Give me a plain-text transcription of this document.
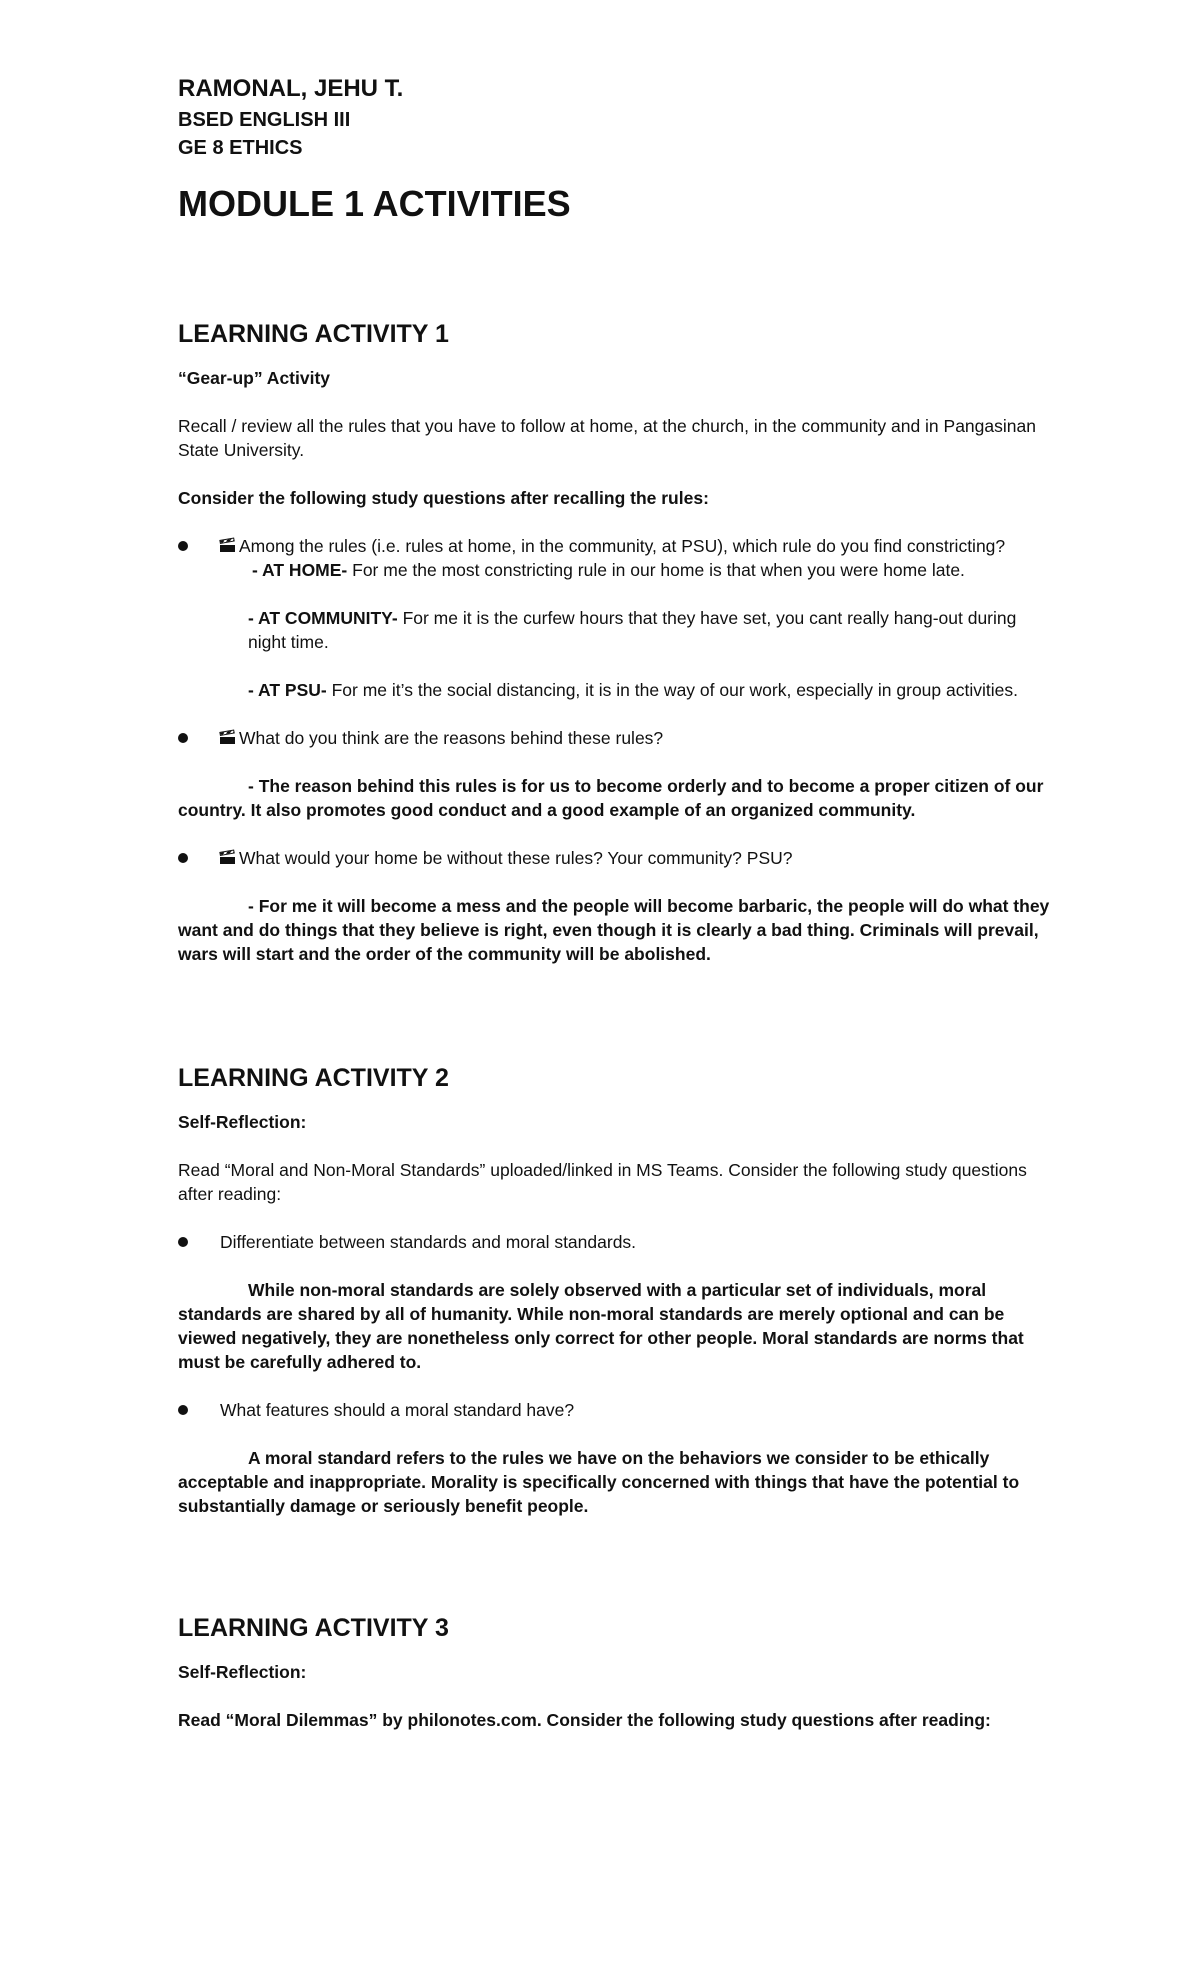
RAMONAL, JEHU T.

BSED ENGLISH III

GE 8 ETHICS

MODULE 1 ACTIVITIES
LEARNING ACTIVITY 1

“Gear-up” Activity

Recall / review all the rules that you have to follow at home, at the church, in the community and in Pangasinan State University.

Consider the following study questions after recalling the rules:

Among the rules (i.e. rules at home, in the community, at PSU), which rule do you find constricting?

- AT HOME- For me the most constricting rule in our home is that when you were home late.

- AT COMMUNITY- For me it is the curfew hours that they have set, you cant really hang-out during night time.

- AT PSU- For me it’s the social distancing, it is in the way of our work, especially in group activities.

What do you think are the reasons behind these rules?

- The reason behind this rules is for us to become orderly and to become a proper citizen of our country. It also promotes good conduct and a good example of an organized community.

What would your home be without these rules? Your community? PSU?

- For me it will become a mess and the people will become barbaric, the people will do what they want and do things that they believe is right, even though it is clearly a bad thing. Criminals will prevail, wars will start and the order of the community will be abolished.

LEARNING ACTIVITY 2

Self-Reflection:

Read “Moral and Non-Moral Standards” uploaded/linked in MS Teams. Consider the following study questions after reading:

Differentiate between standards and moral standards.

While non-moral standards are solely observed with a particular set of individuals, moral standards are shared by all of humanity. While non-moral standards are merely optional and can be viewed negatively, they are nonetheless only correct for other people. Moral standards are norms that must be carefully adhered to.

What features should a moral standard have?

A moral standard refers to the rules we have on the behaviors we consider to be ethically acceptable and inappropriate. Morality is specifically concerned with things that have the potential to substantially damage or seriously benefit people.

LEARNING ACTIVITY 3

Self-Reflection:

Read “Moral Dilemmas” by philonotes.com. Consider the following study questions after reading:
